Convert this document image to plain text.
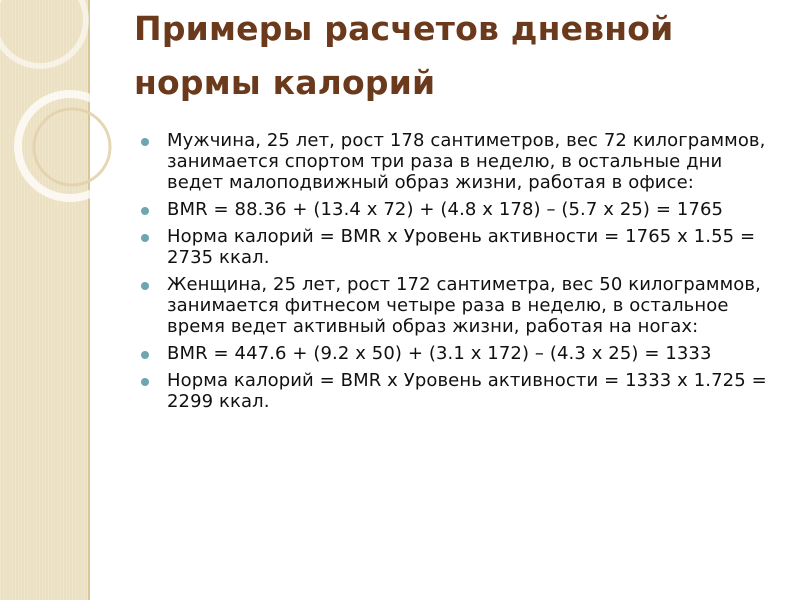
Примеры расчетов дневной
нормы калорий
Мужчина, 25 лет, рост 178 сантиметров, вес 72 килограммов, занимается спортом три раза в неделю, в остальные дни ведет малоподвижный образ жизни, работая в офисе:
BMR = 88.36 + (13.4 x 72) + (4.8 x 178) – (5.7 x 25) = 1765
Норма калорий = BMR x Уровень активности = 1765 x 1.55 = 2735 ккал.
Женщина, 25 лет, рост 172 сантиметра, вес 50 килограммов, занимается фитнесом четыре раза в неделю, в остальное время ведет активный образ жизни, работая на ногах:
BMR = 447.6 + (9.2 x 50) + (3.1 x 172) – (4.3 x 25) = 1333
Норма калорий = BMR x Уровень активности = 1333 x 1.725 = 2299 ккал.
